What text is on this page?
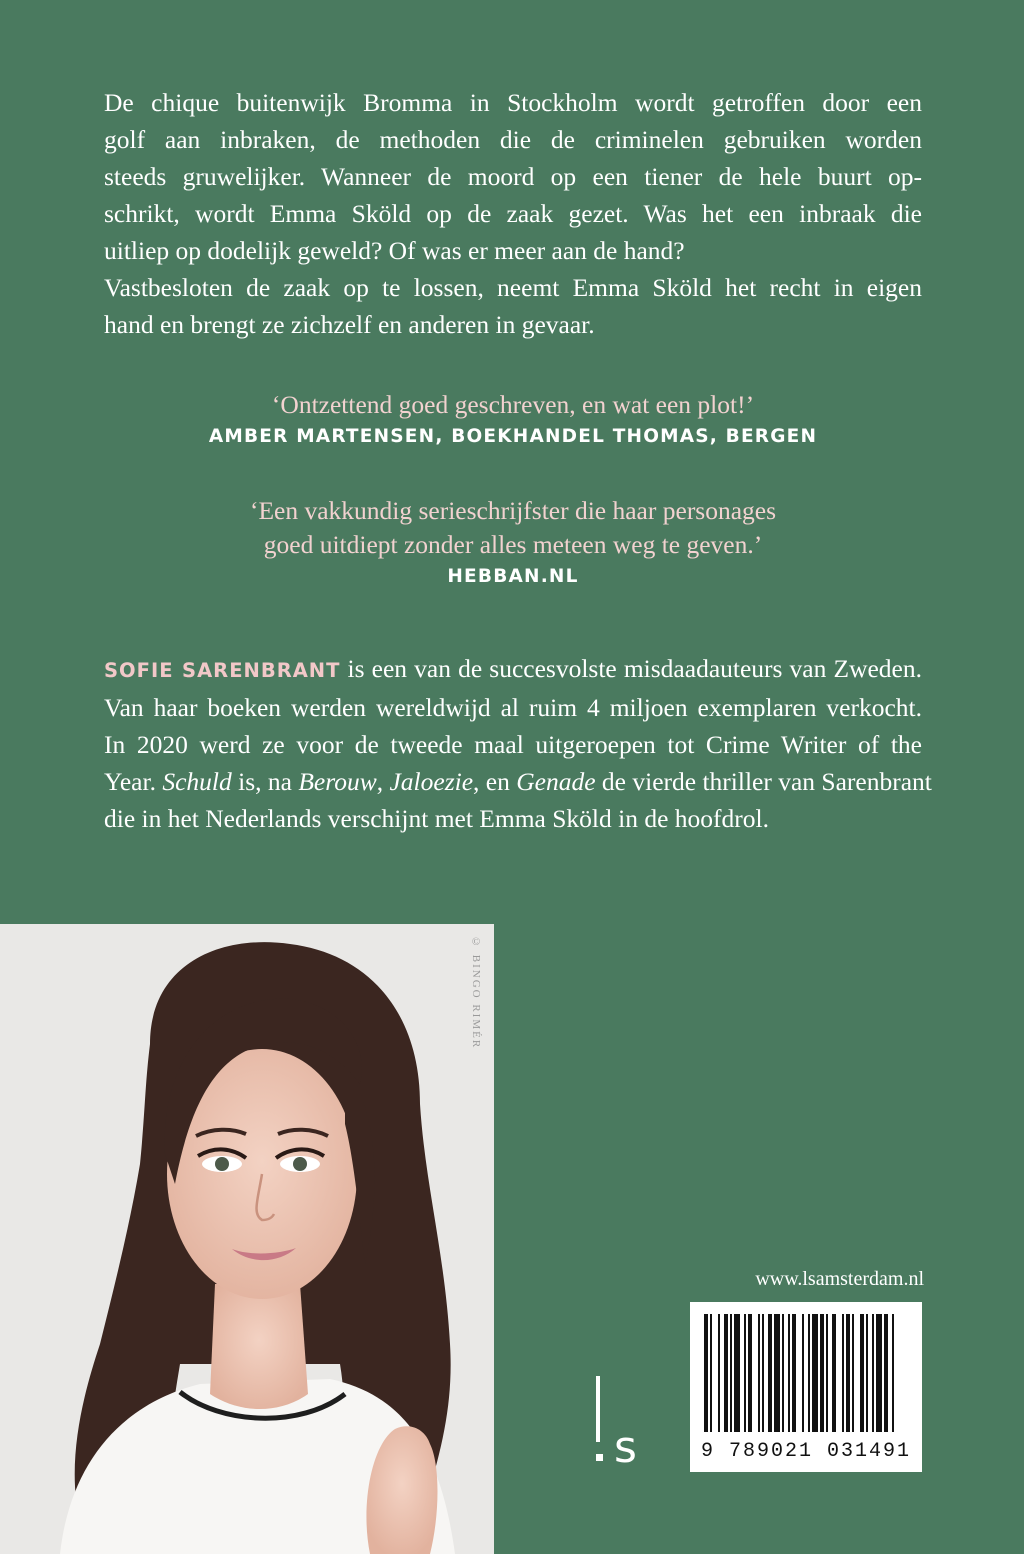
De chique buitenwijk Bromma in Stockholm wordt getroffen door een
golf aan inbraken, de methoden die de criminelen gebruiken worden
steeds gruwelijker. Wanneer de moord op een tiener de hele buurt op-
schrikt, wordt Emma Sköld op de zaak gezet. Was het een inbraak die
uitliep op dodelijk geweld? Of was er meer aan de hand?
Vastbesloten de zaak op te lossen, neemt Emma Sköld het recht in eigen
hand en brengt ze zichzelf en anderen in gevaar.
‘Ontzettend goed geschreven, en wat een plot!’
AMBER MARTENSEN, BOEKHANDEL THOMAS, BERGEN
‘Een vakkundig serieschrijfster die haar personages
goed uitdiept zonder alles meteen weg te geven.’
HEBBAN.NL
SOFIE SARENBRANT is een van de succesvolste misdaadauteurs van Zweden.
Van haar boeken werden wereldwijd al ruim 4 miljoen exemplaren verkocht.
In 2020 werd ze voor de tweede maal uitgeroepen tot Crime Writer of the
Year. Schuld is, na Berouw, Jaloezie, en Genade de vierde thriller van Sarenbrant
die in het Nederlands verschijnt met Emma Sköld in de hoofdrol.
© BINGO RIMÉR
www.lsamsterdam.nl
9 789021 031491
s
